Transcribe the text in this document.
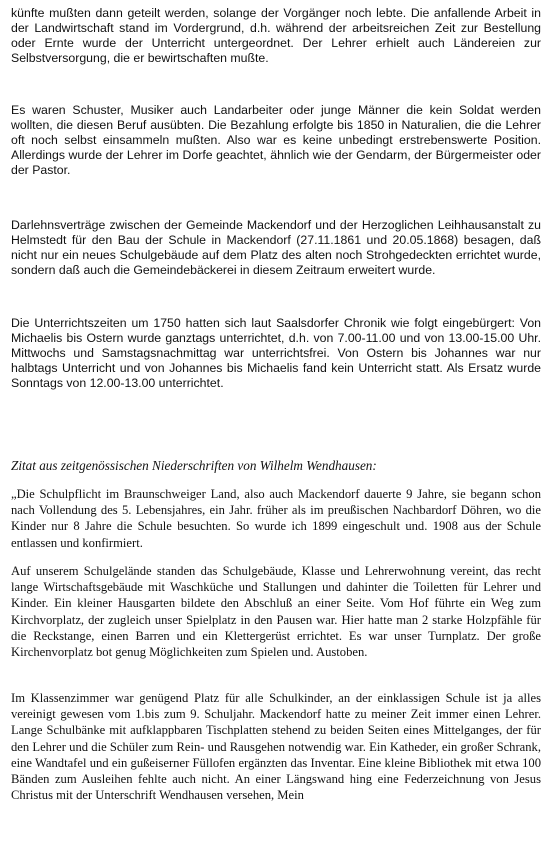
künfte mußten dann geteilt werden, solange der Vorgänger noch lebte. Die anfallende Arbeit in der Landwirtschaft stand im Vordergrund, d.h. während der arbeitsreichen Zeit zur Bestellung oder Ernte wurde der Unterricht untergeordnet. Der Lehrer erhielt auch Ländereien zur Selbstversorgung, die er bewirtschaften mußte.

Es waren Schuster, Musiker auch Landarbeiter oder junge Männer die kein Soldat werden wollten, die diesen Beruf ausübten. Die Bezahlung erfolgte bis 1850 in Naturalien, die die Lehrer oft noch selbst einsammeln mußten. Also war es keine unbedingt erstrebenswerte Position. Allerdings wurde der Lehrer im Dorfe geachtet, ähnlich wie der Gendarm, der Bürgermeister oder der Pastor.

Darlehnsverträge zwischen der Gemeinde Mackendorf und der Herzoglichen Leihhausanstalt zu Helmstedt für den Bau der Schule in Mackendorf (27.11.1861 und 20.05.1868) besagen, daß nicht nur ein neues Schulgebäude auf dem Platz des alten noch Strohgedeckten errichtet wurde, sondern daß auch die Gemeindebäckerei in diesem Zeitraum erweitert wurde.

Die Unterrichtszeiten um 1750 hatten sich laut Saalsdorfer Chronik wie folgt eingebürgert: Von Michaelis bis Ostern wurde ganztags unterrichtet, d.h. von 7.00-11.00 und von 13.00-15.00 Uhr. Mittwochs und Samstagsnachmittag war unterrichtsfrei. Von Ostern bis Johannes war nur halbtags Unterricht und von Johannes bis Michaelis fand kein Unterricht statt. Als Ersatz wurde Sonntags von 12.00-13.00 unterrichtet.

Zitat aus zeitgenössischen Niederschriften von Wilhelm Wendhausen:

„Die Schulpflicht im Braunschweiger Land, also auch Mackendorf dauerte 9 Jahre, sie begann schon nach Vollendung des 5. Lebensjahres, ein Jahr. früher als im preußischen Nachbardorf Döhren, wo die Kinder nur 8 Jahre die Schule besuchten. So wurde ich 1899 eingeschult und. 1908 aus der Schule entlassen und konfirmiert.

Auf unserem Schulgelände standen das Schulgebäude, Klasse und Lehrerwohnung vereint, das recht lange Wirtschaftsgebäude mit Waschküche und Stallungen und dahinter die Toiletten für Lehrer und Kinder. Ein kleiner Hausgarten bildete den Abschluß an einer Seite. Vom Hof führte ein Weg zum Kirchvorplatz, der zugleich unser Spielplatz in den Pausen war. Hier hatte man 2 starke Holzpfähle für die Reckstange, einen Barren und ein Klettergerüst errichtet. Es war unser Turnplatz. Der große Kirchenvorplatz bot genug Möglichkeiten zum Spielen und. Austoben.

Im Klassenzimmer war genügend Platz für alle Schulkinder, an der einklassigen Schule ist ja alles vereinigt gewesen vom 1.bis zum 9. Schuljahr. Mackendorf hatte zu meiner Zeit immer einen Lehrer. Lange Schulbänke mit aufklappbaren Tischplatten stehend zu beiden Seiten eines Mittelganges, der für den Lehrer und die Schüler zum Rein- und Rausgehen notwendig war. Ein Katheder, ein großer Schrank, eine Wandtafel und ein gußeiserner Füllofen ergänzten das Inventar. Eine kleine Bibliothek mit etwa 100 Bänden zum Ausleihen fehlte auch nicht. An einer Längswand hing eine Federzeichnung von Jesus Christus mit der Unterschrift Wendhausen versehen, Mein
